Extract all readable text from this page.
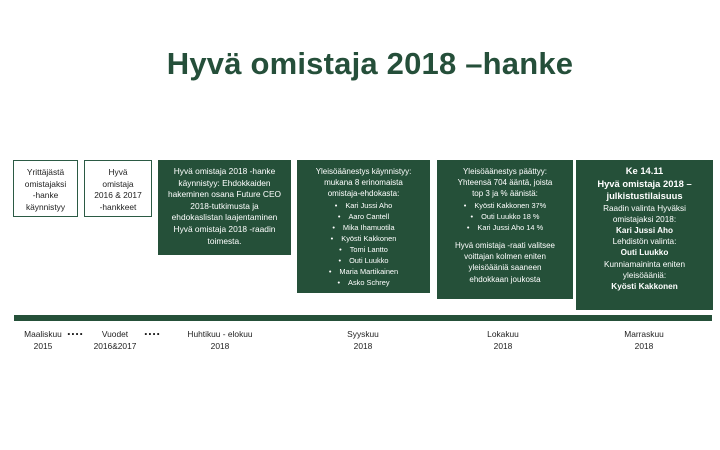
Hyvä omistaja 2018 –hanke
Yrittäjästä
omistajaksi
-hanke
käynnistyy
Hyvä
omistaja
2016 & 2017
-hankkeet
Hyvä omistaja 2018 -hanke
käynnistyy: Ehdokkaiden
hakeminen osana Future CEO
2018-tutkimusta ja
ehdokaslistan laajentaminen
Hyvä omistaja 2018 -raadin
toimesta.
Yleisöäänestys käynnistyy:
mukana 8 erinomaista
omistaja-ehdokasta:
• Kari Jussi Aho
• Aaro Cantell
• Mika Ihamuotila
• Kyösti Kakkonen
• Tomi Lantto
• Outi Luukko
• Maria Martikainen
• Asko Schrey
Yleisöäänestys päättyy:
Yhteensä 704 ääntä, joista
top 3 ja % äänistä:
• Kyösti Kakkonen 37%
• Outi Luukko 18 %
• Kari Jussi Aho 14 %
Hyvä omistaja -raati valitsee
voittajan kolmen eniten
yleisöääniä saaneen
ehdokkaan joukosta
Ke 14.11
Hyvä omistaja 2018 –
julkistustilaisuus
Raadin valinta Hyväksi
omistajaksi 2018:
Kari Jussi Aho
Lehdistön valinta:
Outi Luukko
Kunniamaininta eniten
yleisöääniä:
Kyösti Kakkonen
Maaliskuu
2015
....	Vuodet
2016&2017
....	Huhtikuu - elokuu
2018
Syyskuu
2018
Lokakuu
2018
Marraskuu
2018
